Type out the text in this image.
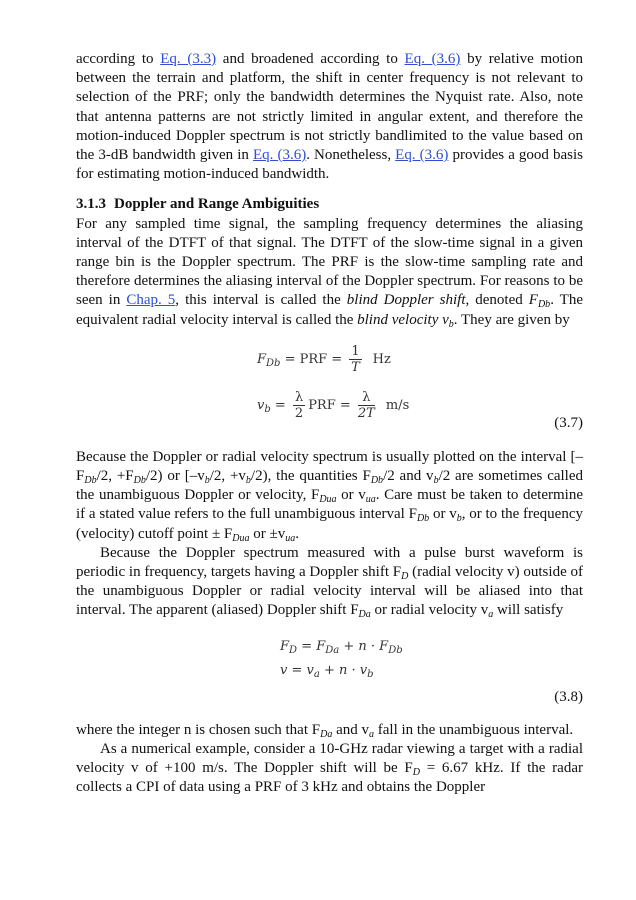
according to Eq. (3.3) and broadened according to Eq. (3.6) by relative motion between the terrain and platform, the shift in center frequency is not relevant to selection of the PRF; only the bandwidth determines the Nyquist rate. Also, note that antenna patterns are not strictly limited in angular extent, and therefore the motion-induced Doppler spectrum is not strictly bandlimited to the value based on the 3-dB bandwidth given in Eq. (3.6). Nonetheless, Eq. (3.6) provides a good basis for estimating motion-induced bandwidth.

3.1.3 Doppler and Range Ambiguities

For any sampled time signal, the sampling frequency determines the aliasing interval of the DTFT of that signal. The DTFT of the slow-time signal in a given range bin is the Doppler spectrum. The PRF is the slow-time sampling rate and therefore determines the aliasing interval of the Doppler spectrum. For reasons to be seen in Chap. 5, this interval is called the blind Doppler shift, denoted $F_{Db}$. The equivalent radial velocity interval is called the blind velocity $v_b$. They are given by

$F_{Db}$ = PRF = $\frac{1}{T}$ Hz
$v_b = \frac{\lambda}{2}$ PRF = $\frac{\lambda}{2T} m/s$
(3.7)

Because the Doppler or radial velocity spectrum is usually plotted on the interval [$-F_{Db}/2$, $+F_{Db}/2$) or [$-v_b/2$, $+v_b/2$), the quantities $F_{Db}/2$ and $v_b/2$ are sometimes called the unambiguous Doppler or velocity, $F_{Dua}$ or $v_{ua}$. Care must be taken to determine if a stated value refers to the full unambiguous interval $F_{Db}$ or $v_b$, or to the frequency (velocity) cutoff point ± $F_{Dua}$ or $\pm v_{ua}$.

Because the Doppler spectrum measured with a pulse burst waveform is periodic in frequency, targets having a Doppler shift $F_D$ (radial velocity v) outside of the unambiguous Doppler or radial velocity interval will be aliased into that interval. The apparent (aliased) Doppler shift $F_{Da}$ or radial velocity $v_a$ will satisfy

$F_D = F_{Da} + n \cdot F_{Db}$
$v = v_a + n \cdot v_b$
(3.8)

where the integer n is chosen such that $F_{Da}$ and $v_a$ fall in the unambiguous interval.

As a numerical example, consider a 10-GHz radar viewing a target with a radial velocity v of +100 m/s. The Doppler shift will be $F_D = 6.67$ kHz. If the radar collects a CPI of data using a PRF of 3 kHz and obtains the Doppler
